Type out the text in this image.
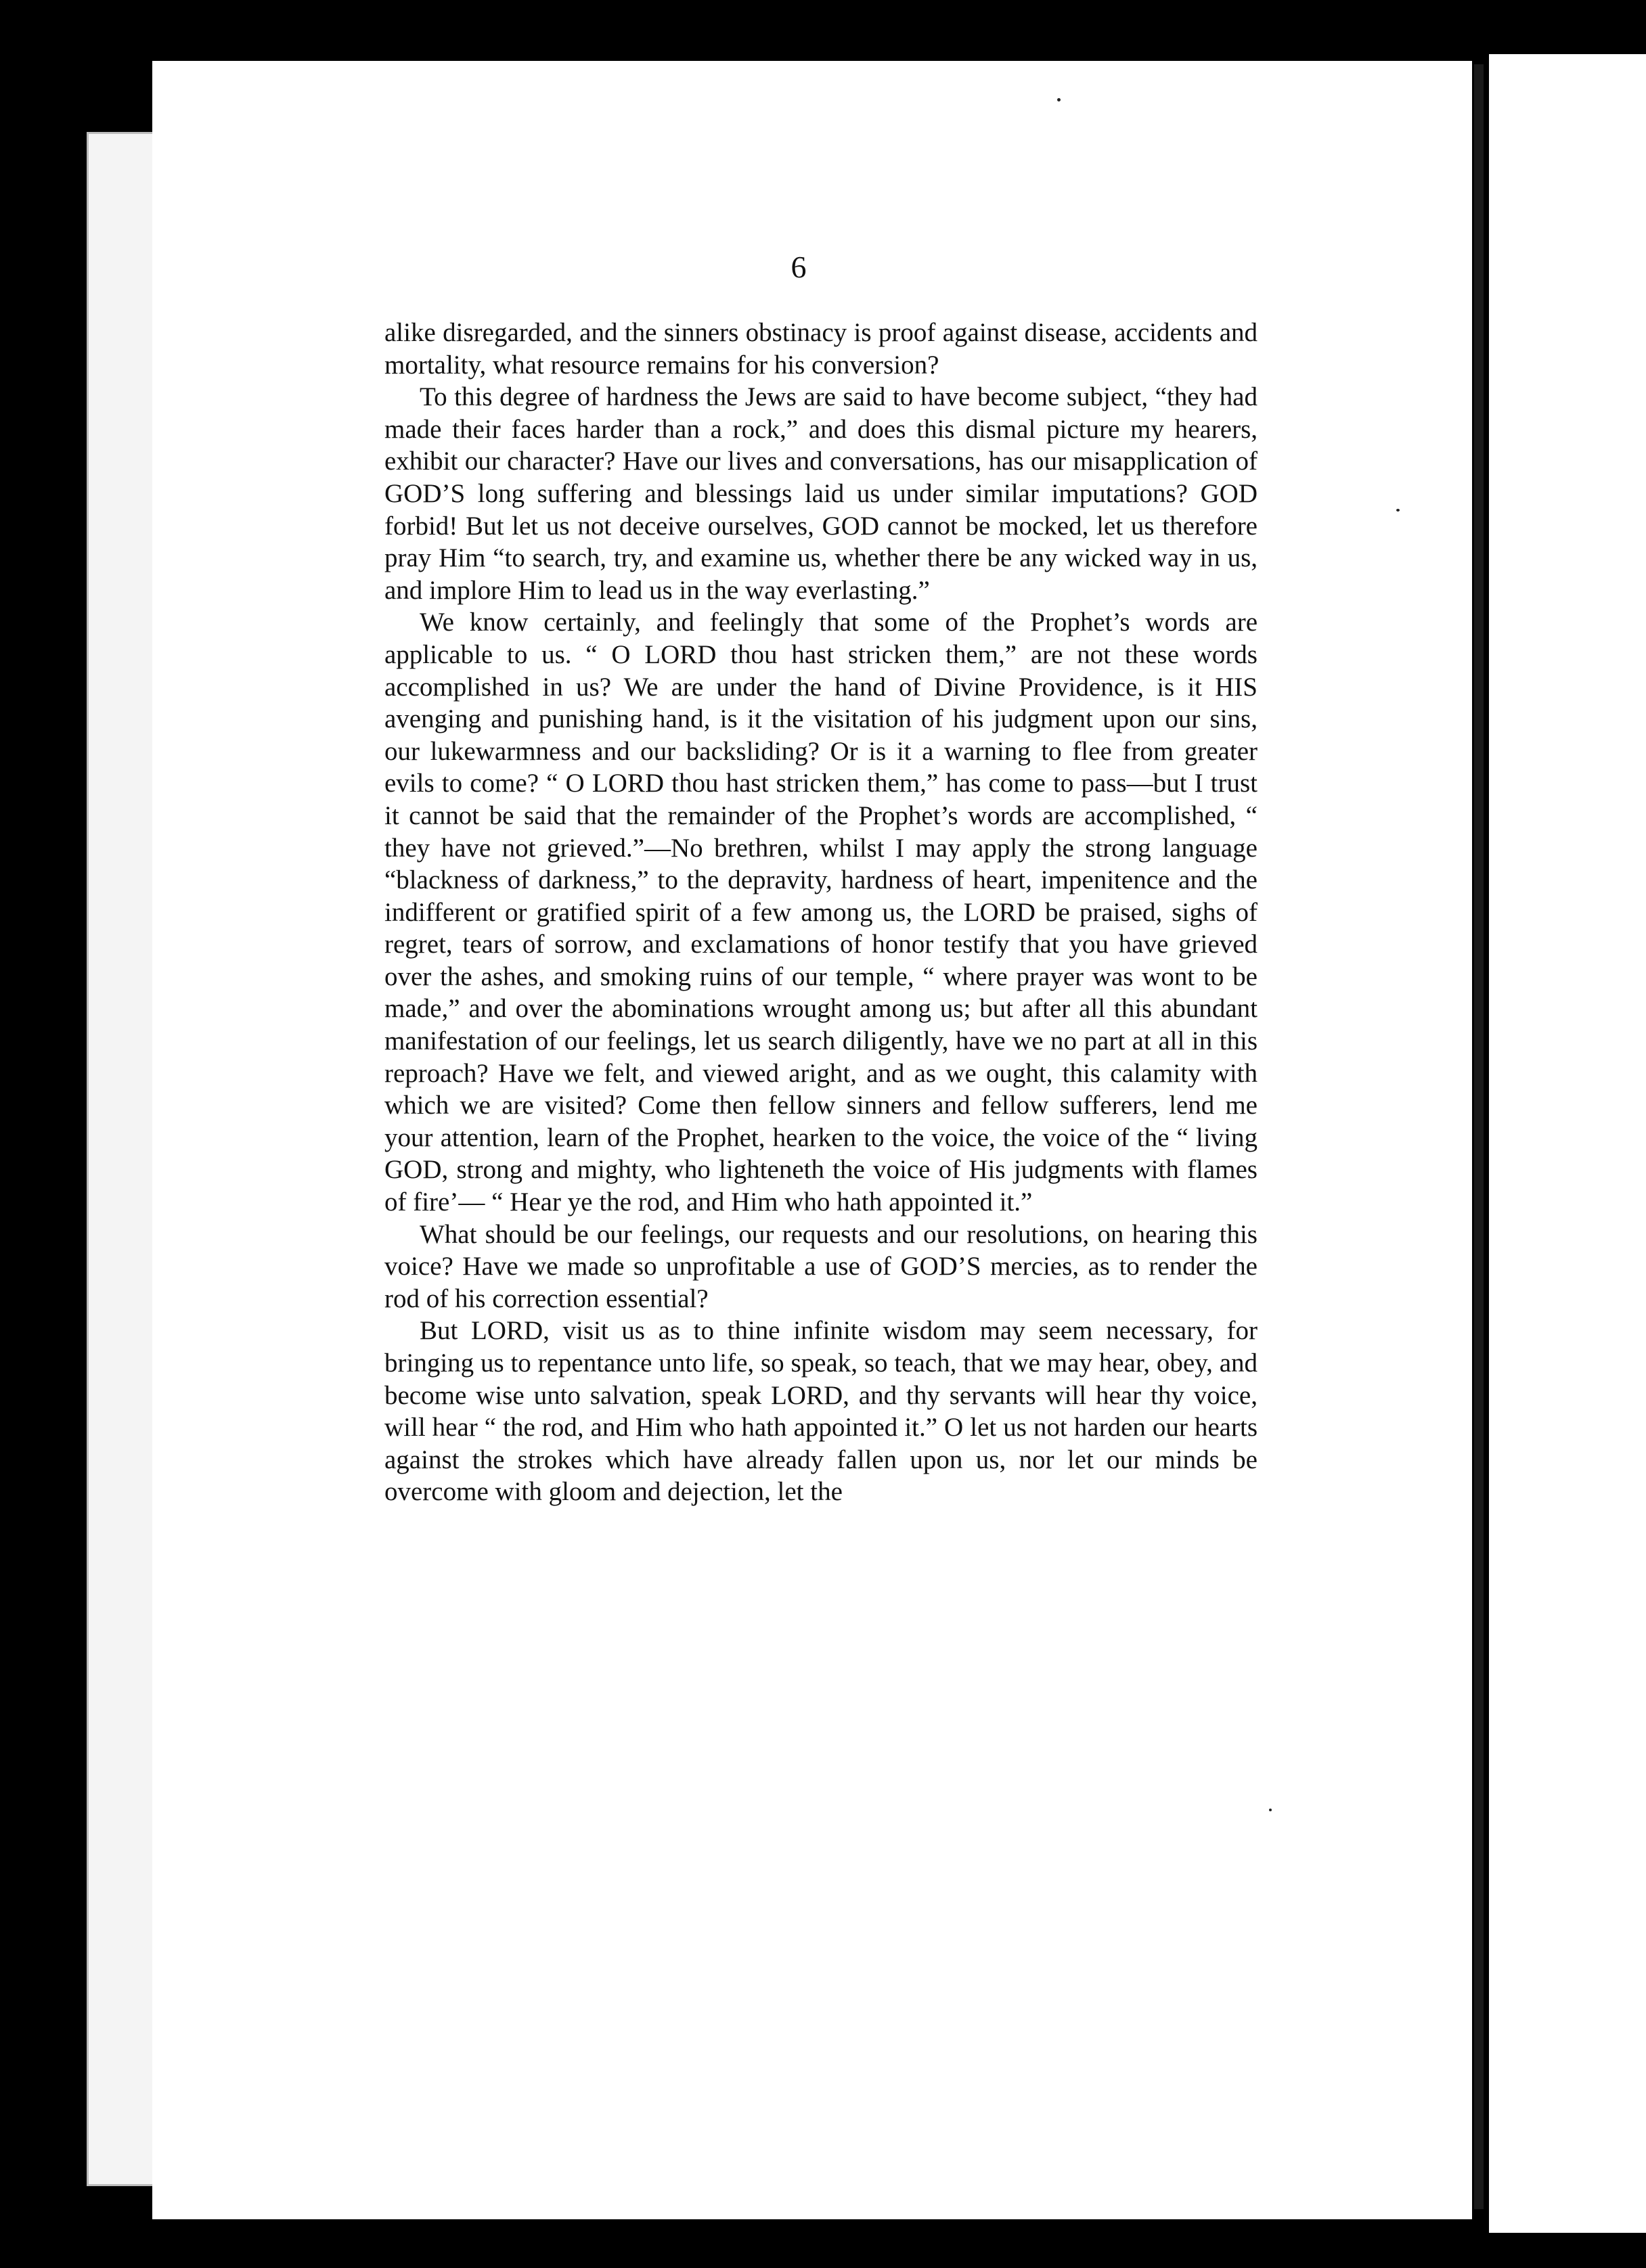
6

alike disregarded, and the sinners obstinacy is proof against disease, accidents and mortality, what resource remains for his conversion?

To this degree of hardness the Jews are said to have become subject, “they had made their faces harder than a rock,” and does this dismal picture my hearers, exhibit our character? Have our lives and conversations, has our misapplication of GOD’S long suffering and blessings laid us under similar imputations? GOD forbid! But let us not deceive ourselves, GOD cannot be mocked, let us therefore pray Him “to search, try, and examine us, whether there be any wicked way in us, and implore Him to lead us in the way everlasting.”

We know certainly, and feelingly that some of the Prophet’s words are applicable to us. “ O LORD thou hast stricken them,” are not these words accomplished in us? We are under the hand of Divine Providence, is it HIS avenging and punishing hand, is it the visitation of his judgment upon our sins, our lukewarmness and our backsliding? Or is it a warning to flee from greater evils to come? “ O LORD thou hast stricken them,” has come to pass—but I trust it cannot be said that the remainder of the Prophet’s words are accomplished, “ they have not grieved.”—No brethren, whilst I may apply the strong language “blackness of darkness,” to the depravity, hardness of heart, impenitence and the indifferent or gratified spirit of a few among us, the LORD be praised, sighs of regret, tears of sorrow, and exclamations of honor testify that you have grieved over the ashes, and smoking ruins of our temple, “ where prayer was wont to be made,” and over the abominations wrought among us; but after all this abundant manifestation of our feelings, let us search diligently, have we no part at all in this reproach? Have we felt, and viewed aright, and as we ought, this calamity with which we are visited? Come then fellow sinners and fellow sufferers, lend me your attention, learn of the Prophet, hearken to the voice, the voice of the “ living GOD, strong and mighty, who lighteneth the voice of His judgments with flames of fire’— “ Hear ye the rod, and Him who hath appointed it.”

What should be our feelings, our requests and our resolutions, on hearing this voice? Have we made so unprofitable a use of GOD’S mercies, as to render the rod of his correction essential?

But LORD, visit us as to thine infinite wisdom may seem necessary, for bringing us to repentance unto life, so speak, so teach, that we may hear, obey, and become wise unto salvation, speak LORD, and thy servants will hear thy voice, will hear “ the rod, and Him who hath appointed it.” O let us not harden our hearts against the strokes which have already fallen upon us, nor let our minds be overcome with gloom and dejection, let the
